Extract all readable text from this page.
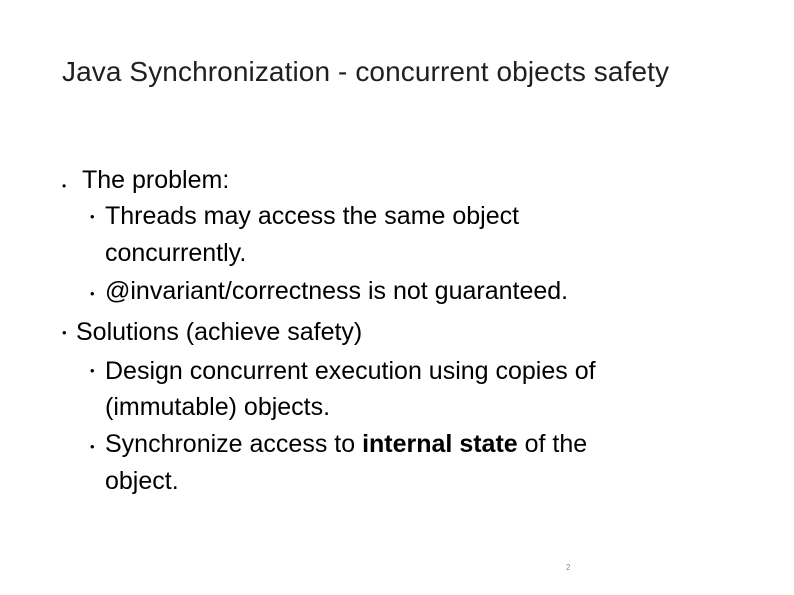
Java Synchronization - concurrent objects safety
• The problem:
• Threads may access the same object
concurrently.
• @invariant/correctness is not guaranteed.
• Solutions (achieve safety)
• Design concurrent execution using copies of
(immutable) objects.
• Synchronize access to internal state of the
object.
2
